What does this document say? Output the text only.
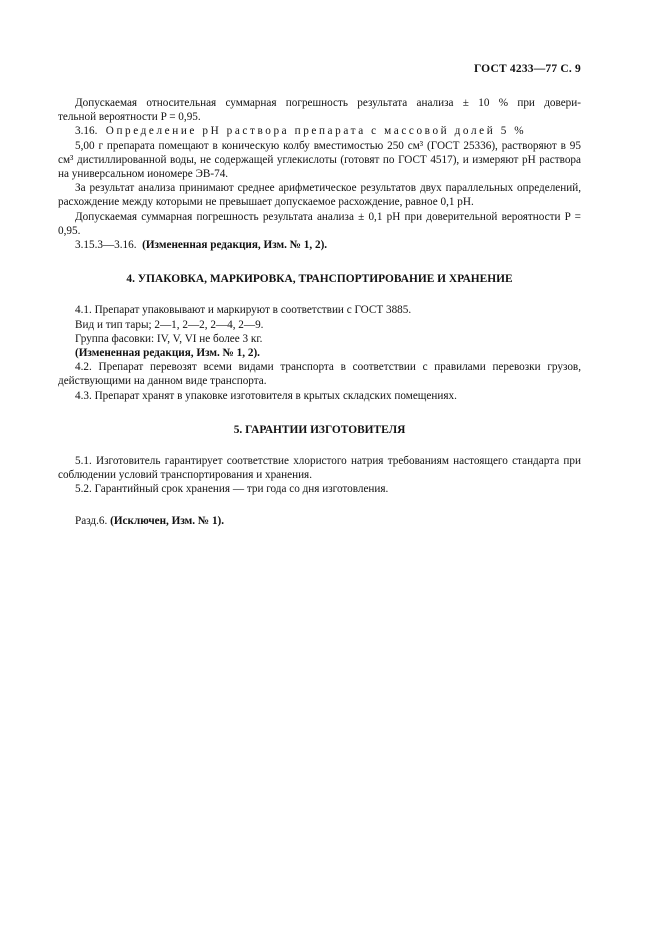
ГОСТ 4233—77 С. 9

Допускаемая относительная суммарная погрешность результата анализа ± 10 % при довери-

тельной вероятности P = 0,95.

3.16. Определение рН раствора препарата с массовой долей 5 %

5,00 г препарата помещают в коническую колбу вместимостью 250 см³ (ГОСТ 25336), растворяют в 95 см³ дистиллированной воды, не содержащей углекислоты (готовят по ГОСТ 4517), и измеряют рН раствора на универсальном иономере ЭВ-74.

За результат анализа принимают среднее арифметическое результатов двух параллельных определений, расхождение между которыми не превышает допускаемое расхождение, равное 0,1 рН.

Допускаемая суммарная погрешность результата анализа ± 0,1 рН при доверительной вероятности P = 0,95.

3.15.3—3.16. (Измененная редакция, Изм. № 1, 2).

4. УПАКОВКА, МАРКИРОВКА, ТРАНСПОРТИРОВАНИЕ И ХРАНЕНИЕ

4.1. Препарат упаковывают и маркируют в соответствии с ГОСТ 3885.

Вид и тип тары; 2—1, 2—2, 2—4, 2—9.

Группа фасовки: IV, V, VI не более 3 кг.

(Измененная редакция, Изм. № 1, 2).

4.2. Препарат перевозят всеми видами транспорта в соответствии с правилами перевозки грузов, действующими на данном виде транспорта.

4.3. Препарат хранят в упаковке изготовителя в крытых складских помещениях.

5. ГАРАНТИИ ИЗГОТОВИТЕЛЯ

5.1. Изготовитель гарантирует соответствие хлористого натрия требованиям настоящего стандарта при соблюдении условий транспортирования и хранения.

5.2. Гарантийный срок хранения — три года со дня изготовления.

Разд.6. (Исключен, Изм. № 1).
